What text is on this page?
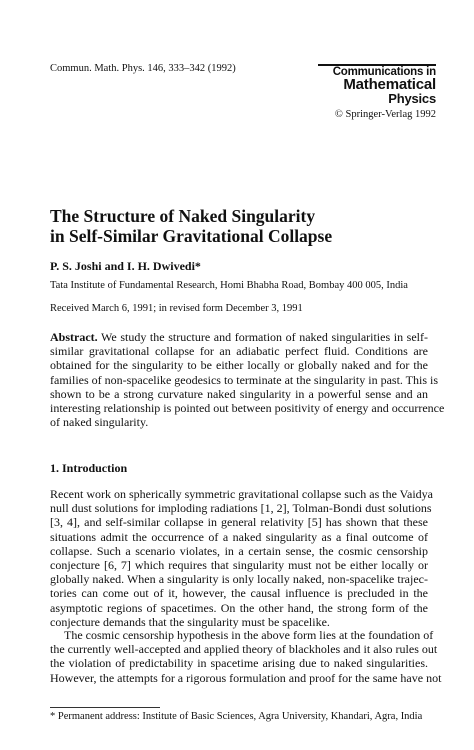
Commun. Math. Phys. 146, 333–342 (1992)	Communications in
Mathematical
Physics
© Springer-Verlag 1992
The Structure of Naked Singularity
in Self-Similar Gravitational Collapse
P. S. Joshi and I. H. Dwivedi*
Tata Institute of Fundamental Research, Homi Bhabha Road, Bombay 400 005, India
Received March 6, 1991; in revised form December 3, 1991
Abstract. We study the structure and formation of naked singularities in self-
similar gravitational collapse for an adiabatic perfect fluid. Conditions are
obtained for the singularity to be either locally or globally naked and for the
families of non-spacelike geodesics to terminate at the singularity in past. This is
shown to be a strong curvature naked singularity in a powerful sense and an
interesting relationship is pointed out between positivity of energy and occurrence
of naked singularity.
1. Introduction
Recent work on spherically symmetric gravitational collapse such as the Vaidya
null dust solutions for imploding radiations [1, 2], Tolman-Bondi dust solutions
[3, 4], and self-similar collapse in general relativity [5] has shown that these
situations admit the occurrence of a naked singularity as a final outcome of
collapse. Such a scenario violates, in a certain sense, the cosmic censorship
conjecture [6, 7] which requires that singularity must not be either locally or
globally naked. When a singularity is only locally naked, non-spacelike trajec-
tories can come out of it, however, the causal influence is precluded in the
asymptotic regions of spacetimes. On the other hand, the strong form of the
conjecture demands that the singularity must be spacelike.
The cosmic censorship hypothesis in the above form lies at the foundation of
the currently well-accepted and applied theory of blackholes and it also rules out
the violation of predictability in spacetime arising due to naked singularities.
However, the attempts for a rigorous formulation and proof for the same have not
* Permanent address: Institute of Basic Sciences, Agra University, Khandari, Agra, India
